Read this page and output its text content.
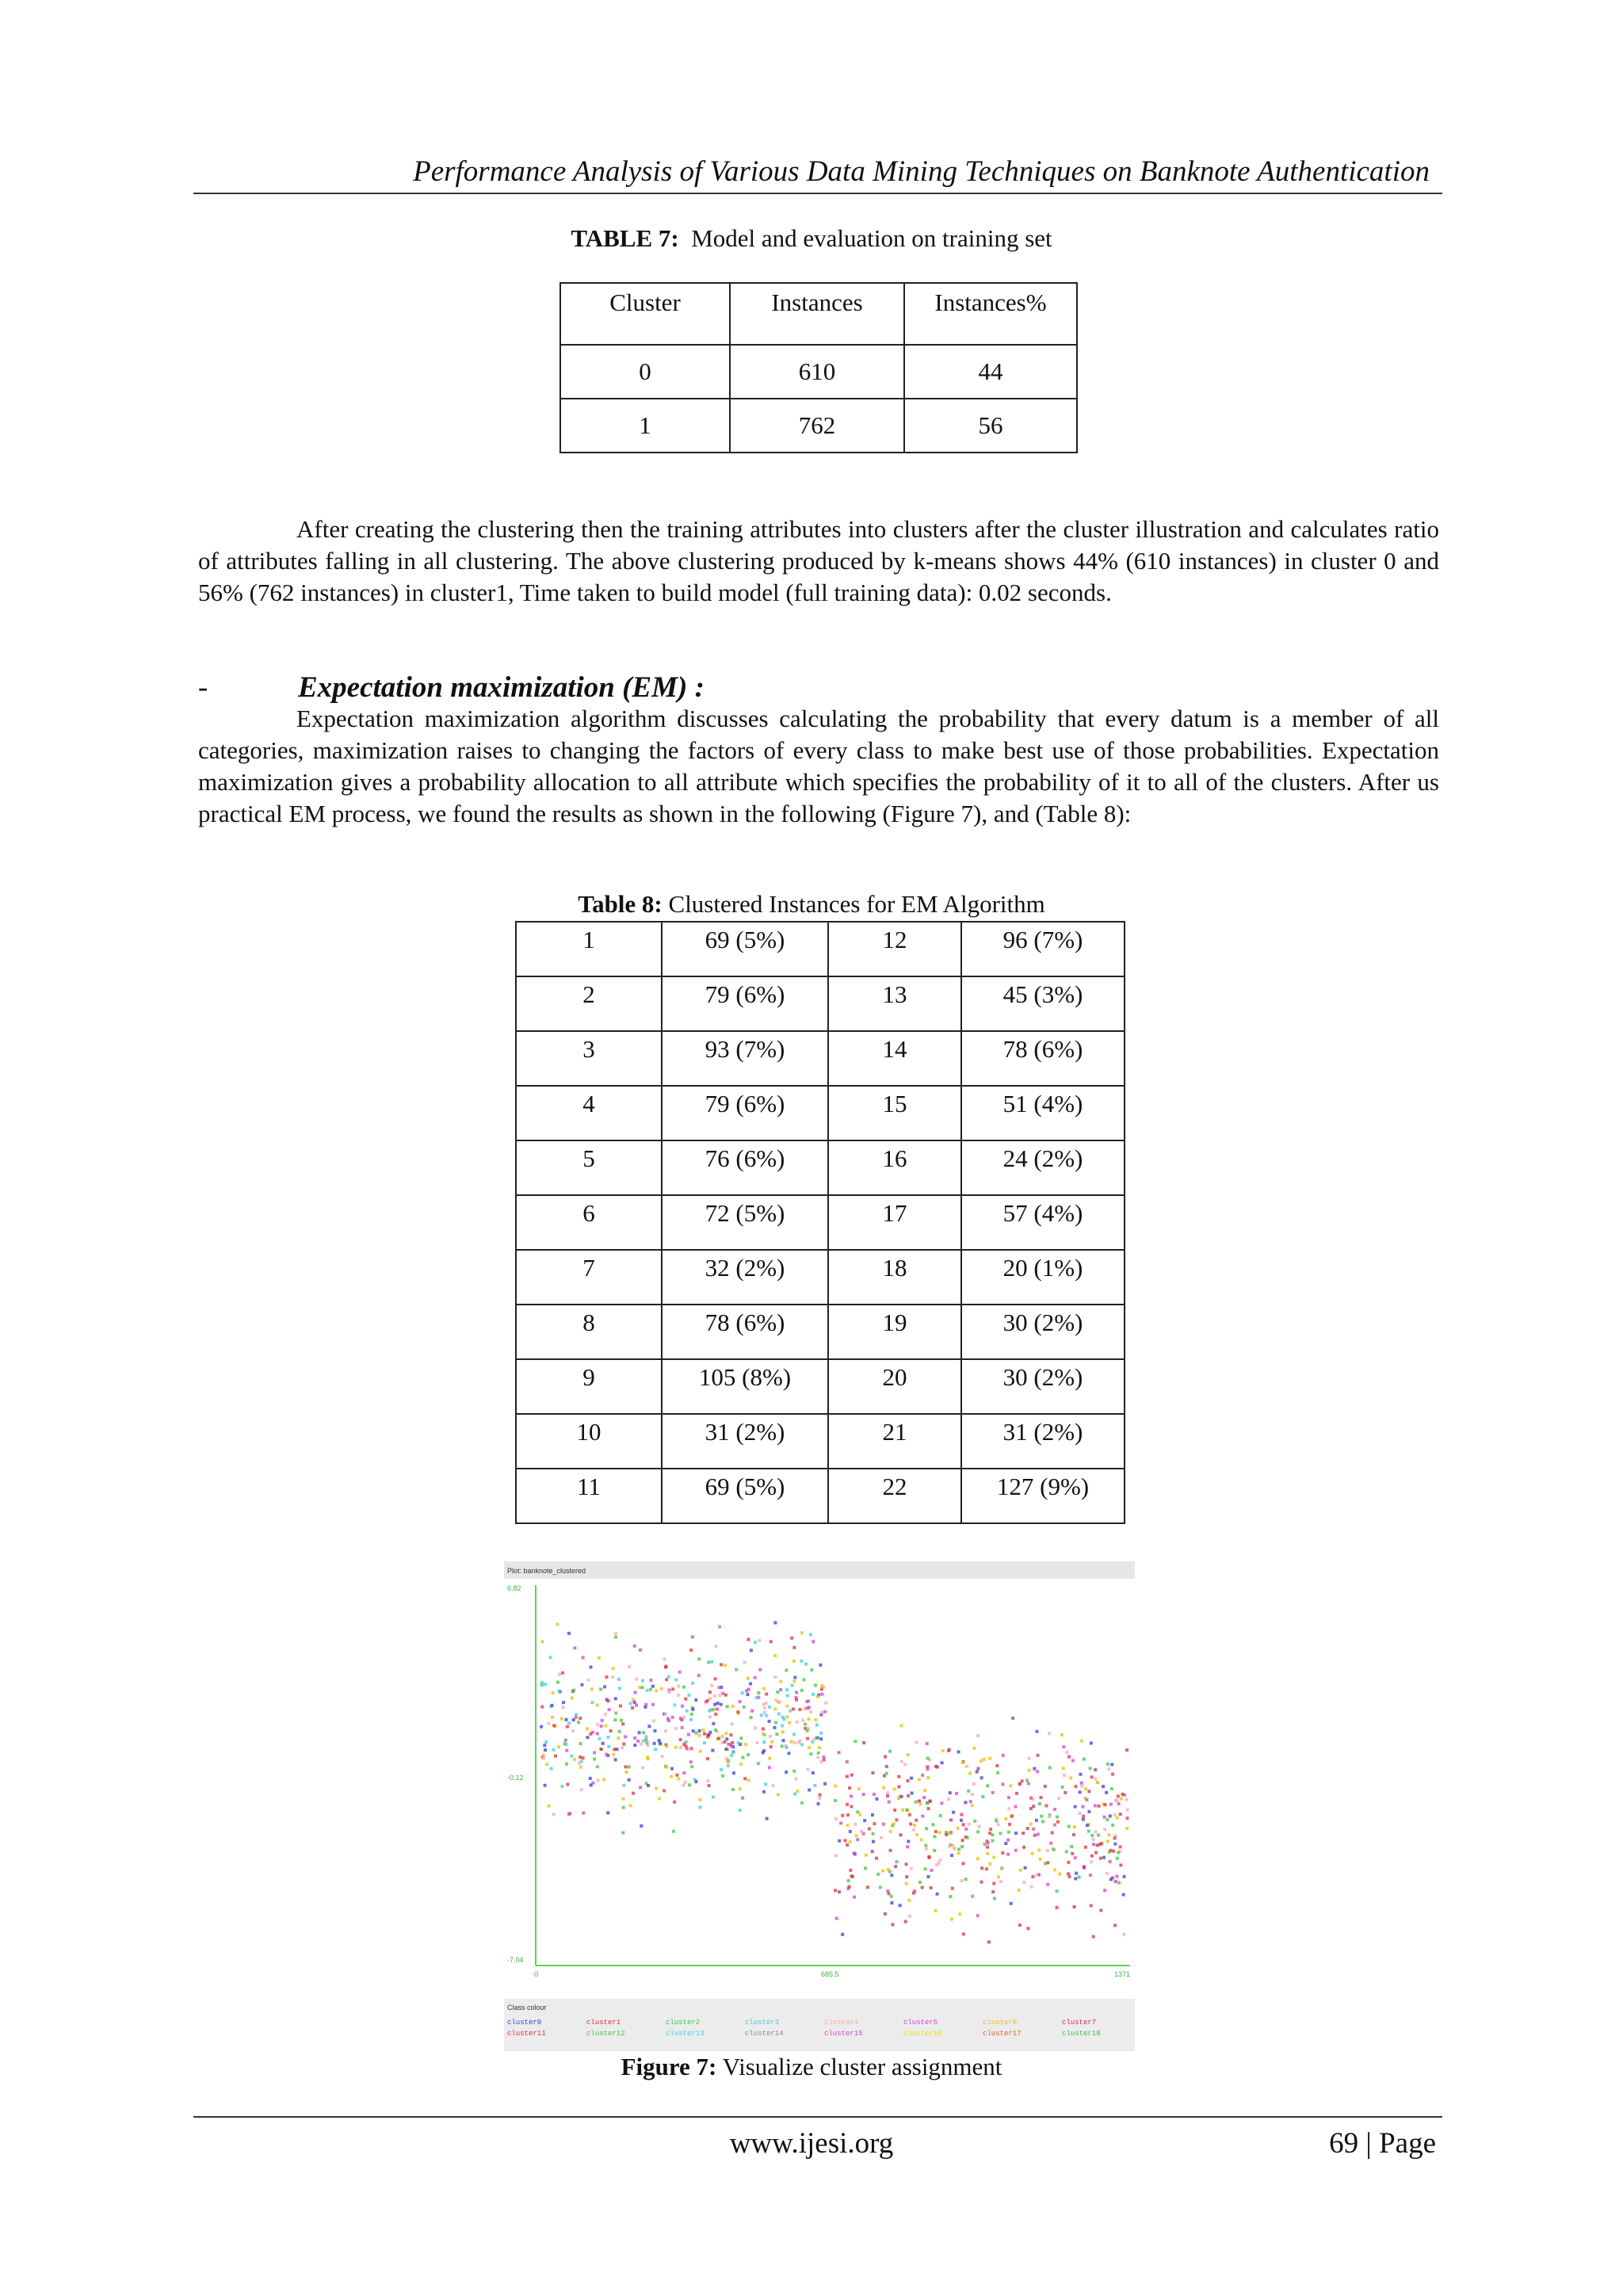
Performance Analysis of Various Data Mining Techniques on Banknote Authentication
TABLE 7: Model and evaluation on training set
Cluster	Instances	Instances%
0	610	44
1	762	56
After creating the clustering then the training attributes into clusters after the cluster illustration and calculates ratio of attributes falling in all clustering. The above clustering produced by k-means shows 44% (610 instances) in cluster 0 and 56% (762 instances) in cluster1, Time taken to build model (full training data): 0.02 seconds.
-	Expectation maximization (EM) :
Expectation maximization algorithm discusses calculating the probability that every datum is a member of all categories, maximization raises to changing the factors of every class to make best use of those probabilities. Expectation maximization gives a probability allocation to all attribute which specifies the probability of it to all of the clusters. After us practical EM process, we found the results as shown in the following (Figure 7), and (Table 8):
Table 8: Clustered Instances for EM Algorithm
1	69 (5%)	12	96 (7%)
2	79 (6%)	13	45 (3%)
3	93 (7%)	14	78 (6%)
4	79 (6%)	15	51 (4%)
5	76 (6%)	16	24 (2%)
6	72 (5%)	17	57 (4%)
7	32 (2%)	18	20 (1%)
8	78 (6%)	19	30 (2%)
9	105 (8%)	20	30 (2%)
10	31 (2%)	21	31 (2%)
11	69 (5%)	22	127 (9%)
Plot: banknote_clustered
6.82
-0.12
-7.04
0	685.5	1371
Class colour
cluster0	cluster1	cluster2	cluster3	cluster4	cluster5	cluster6	cluster7
cluster11	cluster12	cluster13	cluster14	cluster15	cluster16	cluster17	cluster18
Figure 7: Visualize cluster assignment
www.ijesi.org	69 | Page
